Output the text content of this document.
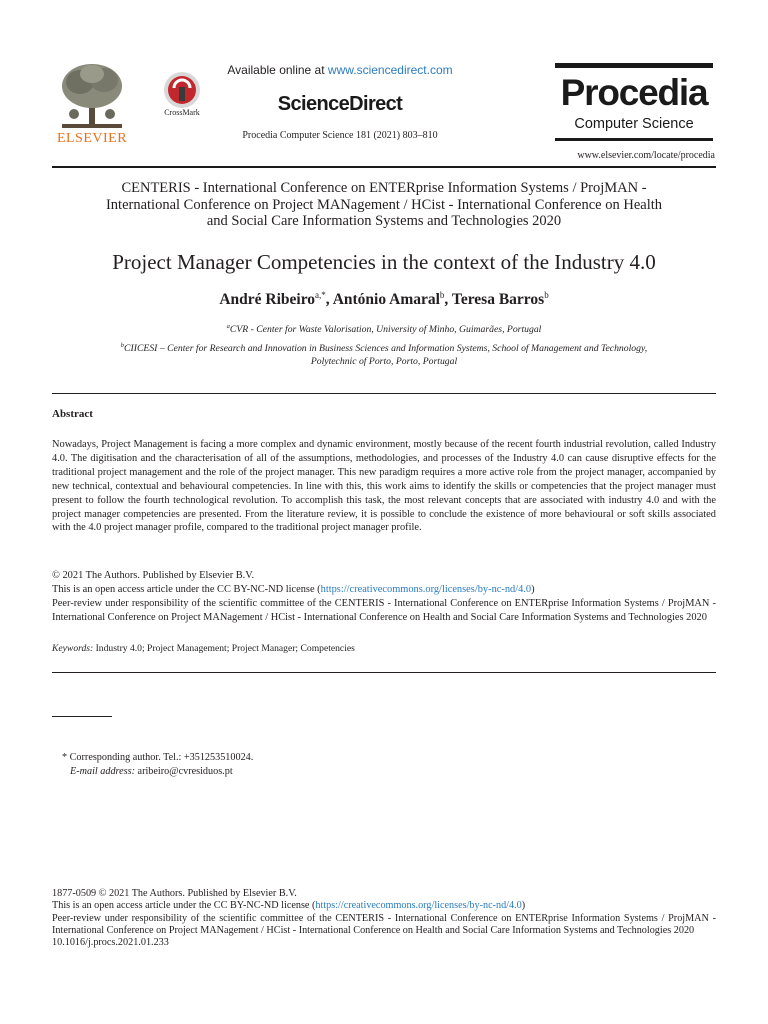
ELSEVIER
CrossMark
Available online at www.sciencedirect.com
ScienceDirect
Procedia Computer Science 181 (2021) 803–810
Procedia
Computer Science
www.elsevier.com/locate/procedia
CENTERIS - International Conference on ENTERprise Information Systems / ProjMAN -
International Conference on Project MANagement / HCist - International Conference on Health
and Social Care Information Systems and Technologies 2020
Project Manager Competencies in the context of the Industry 4.0
André Ribeiro$^{a,*}$, António Amaral$^b$, Teresa Barros$^b$
$^a$CVR - Center for Waste Valorisation, University of Minho, Guimarães, Portugal
$^b$CIICESI – Center for Research and Innovation in Business Sciences and Information Systems, School of Management and Technology,
Polytechnic of Porto, Porto, Portugal
Abstract
Nowadays, Project Management is facing a more complex and dynamic environment, mostly because of the recent fourth industrial revolution, called Industry 4.0. The digitisation and the characterisation of all of the assumptions, methodologies, and processes of the Industry 4.0 can cause disruptive effects for the traditional project management and the role of the project manager. This new paradigm requires a more active role from the project manager, accompanied by new technical, contextual and behavioural competencies. In line with this, this work aims to identify the skills or competencies that the project manager must present to follow the fourth technological revolution. To accomplish this task, the most relevant concepts that are associated with industry 4.0 and with the project manager competencies are presented. From the literature review, it is possible to conclude the existence of more behavioural or soft skills associated with the 4.0 project manager profile, compared to the traditional project manager profile.
© 2021 The Authors. Published by Elsevier B.V.
This is an open access article under the CC BY-NC-ND license (https://creativecommons.org/licenses/by-nc-nd/4.0)
Peer-review under responsibility of the scientific committee of the CENTERIS - International Conference on ENTERprise Information Systems / ProjMAN - International Conference on Project MANagement / HCist - International Conference on Health and Social Care Information Systems and Technologies 2020
Keywords: Industry 4.0; Project Management; Project Manager; Competencies
* Corresponding author. Tel.: +351253510024.
E-mail address: aribeiro@cvresiduos.pt
1877-0509 © 2021 The Authors. Published by Elsevier B.V.
This is an open access article under the CC BY-NC-ND license (https://creativecommons.org/licenses/by-nc-nd/4.0)
Peer-review under responsibility of the scientific committee of the CENTERIS - International Conference on ENTERprise Information Systems / ProjMAN - International Conference on Project MANagement / HCist - International Conference on Health and Social Care Information Systems and Technologies 2020
10.1016/j.procs.2021.01.233
